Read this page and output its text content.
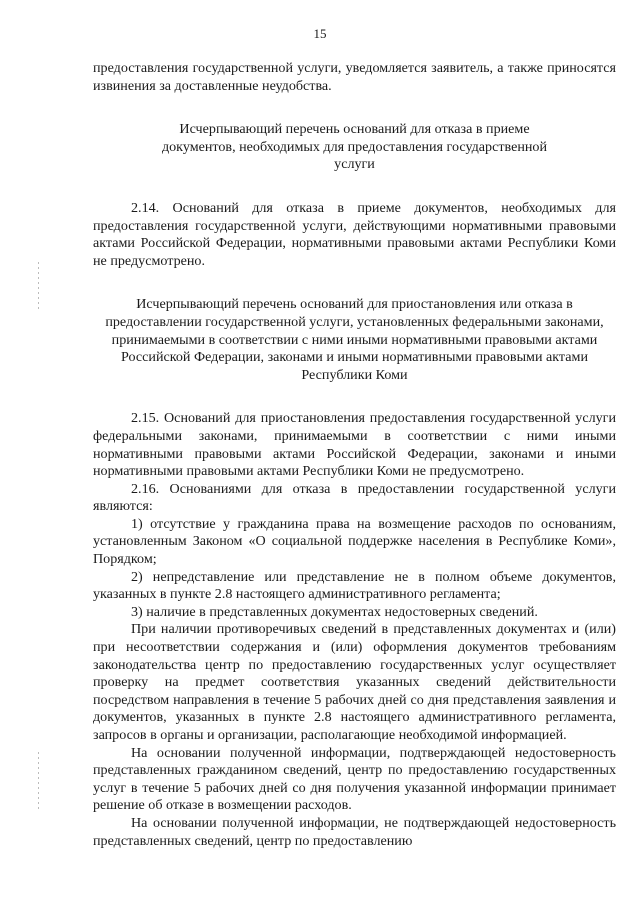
15

предоставления государственной услуги, уведомляется заявитель, а также приносятся извинения за доставленные неудобства.

Исчерпывающий перечень оснований для отказа в приеме документов, необходимых для предоставления государственной услуги

2.14. Оснований для отказа в приеме документов, необходимых для предоставления государственной услуги, действующими нормативными правовыми актами Российской Федерации, нормативными правовыми актами Республики Коми не предусмотрено.

Исчерпывающий перечень оснований для приостановления или отказа в предоставлении государственной услуги, установленных федеральными законами, принимаемыми в соответствии с ними иными нормативными правовыми актами Российской Федерации, законами и иными нормативными правовыми актами Республики Коми

2.15. Оснований для приостановления предоставления государственной услуги федеральными законами, принимаемыми в соответствии с ними иными нормативными правовыми актами Российской Федерации, законами и иными нормативными правовыми актами Республики Коми не предусмотрено.

2.16. Основаниями для отказа в предоставлении государственной услуги являются:

1) отсутствие у гражданина права на возмещение расходов по основаниям, установленным Законом «О социальной поддержке населения в Республике Коми», Порядком;

2) непредставление или представление не в полном объеме документов, указанных в пункте 2.8 настоящего административного регламента;

3) наличие в представленных документах недостоверных сведений.

При наличии противоречивых сведений в представленных документах и (или) при несоответствии содержания и (или) оформления документов требованиям законодательства центр по предоставлению государственных услуг осуществляет проверку на предмет соответствия указанных сведений действительности посредством направления в течение 5 рабочих дней со дня представления заявления и документов, указанных в пункте 2.8 настоящего административного регламента, запросов в органы и организации, располагающие необходимой информацией.

На основании полученной информации, подтверждающей недостоверность представленных гражданином сведений, центр по предоставлению государственных услуг в течение 5 рабочих дней со дня получения указанной информации принимает решение об отказе в возмещении расходов.

На основании полученной информации, не подтверждающей недостоверность представленных сведений, центр по предоставлению
